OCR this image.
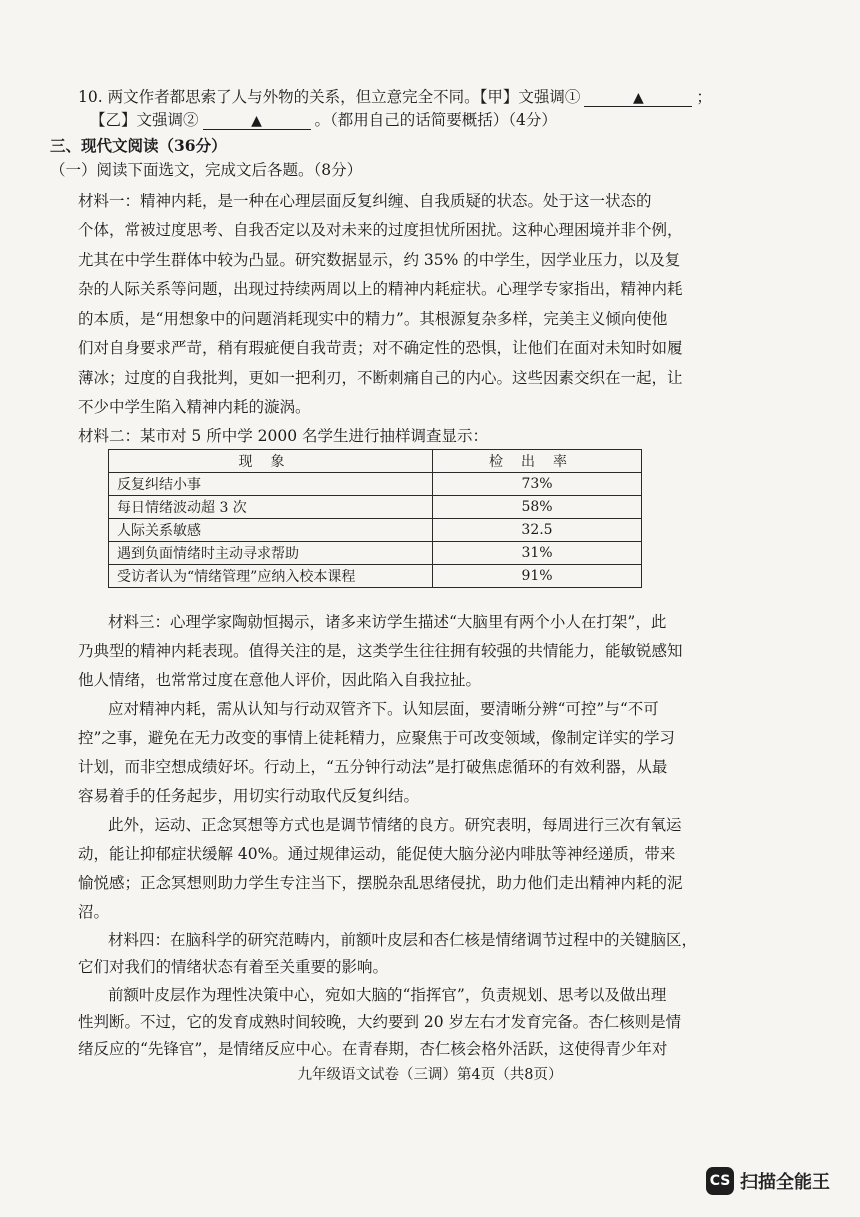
10. 两文作者都思索了人与外物的关系，但立意完全不同。【甲】文强调①	▲	；
【乙】文强调②	▲	。（都用自己的话简要概括）（4分）
三、现代文阅读（36分）
（一）阅读下面选文，完成文后各题。（8分）
材料一：精神内耗，是一种在心理层面反复纠缠、自我质疑的状态。处于这一状态的
个体，常被过度思考、自我否定以及对未来的过度担忧所困扰。这种心理困境并非个例，
尤其在中学生群体中较为凸显。研究数据显示，约 35% 的中学生，因学业压力，以及复
杂的人际关系等问题，出现过持续两周以上的精神内耗症状。心理学专家指出，精神内耗
的本质，是“用想象中的问题消耗现实中的精力”。其根源复杂多样，完美主义倾向使他
们对自身要求严苛，稍有瑕疵便自我苛责；对不确定性的恐惧，让他们在面对未知时如履
薄冰；过度的自我批判，更如一把利刃，不断刺痛自己的内心。这些因素交织在一起，让
不少中学生陷入精神内耗的漩涡。
材料二：某市对 5 所中学 2000 名学生进行抽样调查显示：
现象	检出率
反复纠结小事	73%
每日情绪波动超 3 次	58%
人际关系敏感	32.5
遇到负面情绪时主动寻求帮助	31%
受访者认为“情绪管理”应纳入校本课程	91%
材料三：心理学家陶勍恒揭示，诸多来访学生描述“大脑里有两个小人在打架”，此
乃典型的精神内耗表现。值得关注的是，这类学生往往拥有较强的共情能力，能敏锐感知
他人情绪，也常常过度在意他人评价，因此陷入自我拉扯。
应对精神内耗，需从认知与行动双管齐下。认知层面，要清晰分辨“可控”与“不可
控”之事，避免在无力改变的事情上徒耗精力，应聚焦于可改变领域，像制定详实的学习
计划，而非空想成绩好坏。行动上，“五分钟行动法”是打破焦虑循环的有效利器，从最
容易着手的任务起步，用切实行动取代反复纠结。
此外，运动、正念冥想等方式也是调节情绪的良方。研究表明，每周进行三次有氧运
动，能让抑郁症状缓解 40%。通过规律运动，能促使大脑分泌内啡肽等神经递质，带来
愉悦感；正念冥想则助力学生专注当下，摆脱杂乱思绪侵扰，助力他们走出精神内耗的泥
沼。
材料四：在脑科学的研究范畴内，前额叶皮层和杏仁核是情绪调节过程中的关键脑区，
它们对我们的情绪状态有着至关重要的影响。
前额叶皮层作为理性决策中心，宛如大脑的“指挥官”，负责规划、思考以及做出理
性判断。不过，它的发育成熟时间较晚，大约要到 20 岁左右才发育完备。杏仁核则是情
绪反应的“先锋官”，是情绪反应中心。在青春期，杏仁核会格外活跃，这使得青少年对
九年级语文试卷（三调）第4页（共8页）
CS 扫描全能王
